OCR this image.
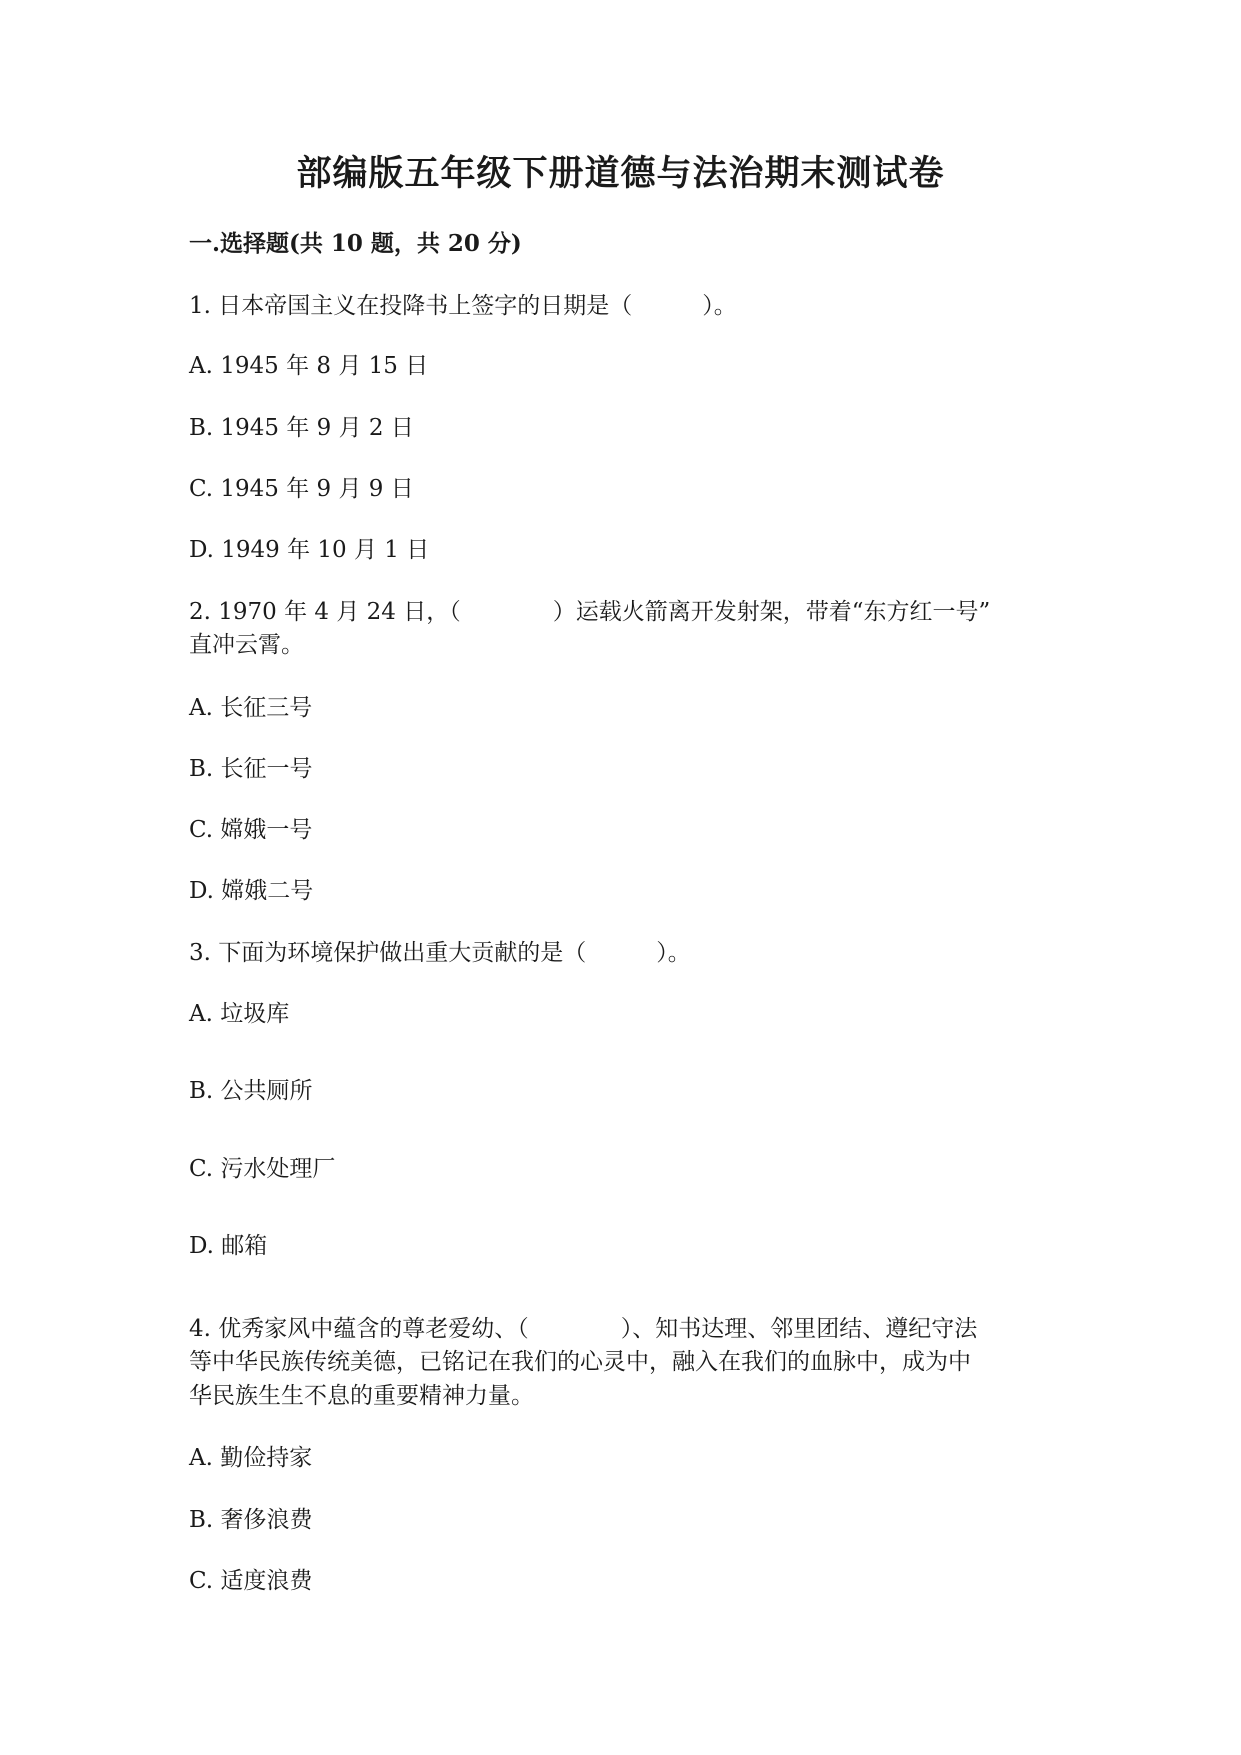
部编版五年级下册道德与法治期末测试卷

一.选择题(共 10 题，共 20 分)

1. 日本帝国主义在投降书上签字的日期是（	）。

A. 1945 年 8 月 15 日

B. 1945 年 9 月 2 日

C. 1945 年 9 月 9 日

D. 1949 年 10 月 1 日

2. 1970 年 4 月 24 日，（	）运载火箭离开发射架，带着“东方红一号”

直冲云霄。

A. 长征三号

B. 长征一号

C. 嫦娥一号

D. 嫦娥二号

3. 下面为环境保护做出重大贡献的是（	）。

A. 垃圾库

B. 公共厕所

C. 污水处理厂

D. 邮箱

4. 优秀家风中蕴含的尊老爱幼、（	）、知书达理、邻里团结、遵纪守法

等中华民族传统美德，已铭记在我们的心灵中，融入在我们的血脉中，成为中

华民族生生不息的重要精神力量。

A. 勤俭持家

B. 奢侈浪费

C. 适度浪费
